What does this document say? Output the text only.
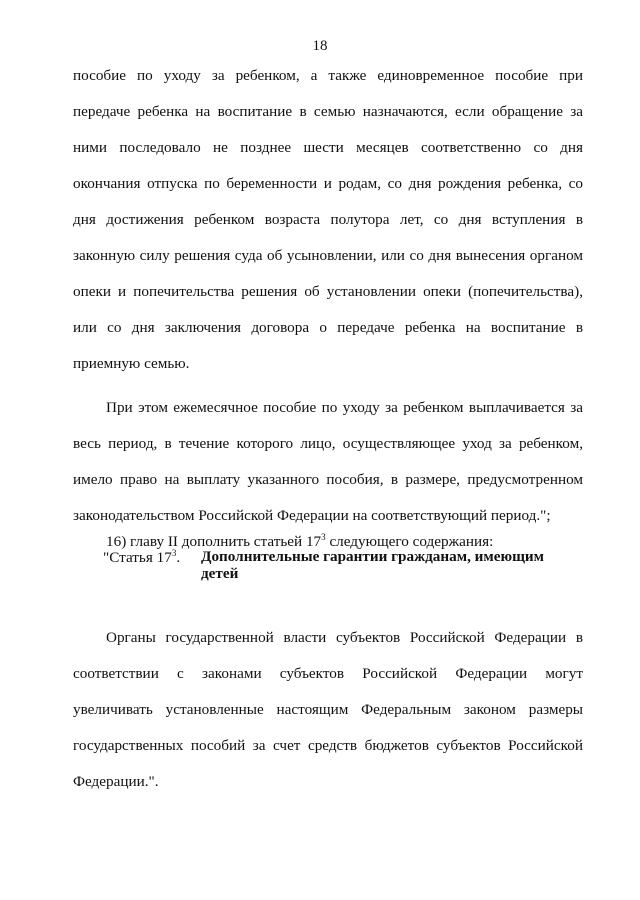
18
пособие по уходу за ребенком, а также единовременное пособие при
передаче ребенка на воспитание в семью назначаются, если обращение за
ними последовало не позднее шести месяцев соответственно со дня
окончания отпуска по беременности и родам, со дня рождения ребенка, со
дня достижения ребенком возраста полутора лет, со дня вступления в
законную силу решения суда об усыновлении, или со дня вынесения органом
опеки и попечительства решения об установлении опеки (попечительства),
или со дня заключения договора о передаче ребенка на воспитание в
приемную семью.
При этом ежемесячное пособие по уходу за ребенком выплачивается за
весь период, в течение которого лицо, осуществляющее уход за ребенком,
имело право на выплату указанного пособия, в размере, предусмотренном
законодательством Российской Федерации на соответствующий период.";
16) главу II дополнить статьей $17^3$ следующего содержания:
"Статья $17^3$. Дополнительные гарантии гражданам, имеющим
детей
Органы государственной власти субъектов Российской Федерации в
соответствии с законами субъектов Российской Федерации могут
увеличивать установленные настоящим Федеральным законом размеры
государственных пособий за счет средств бюджетов субъектов Российской
Федерации.".
